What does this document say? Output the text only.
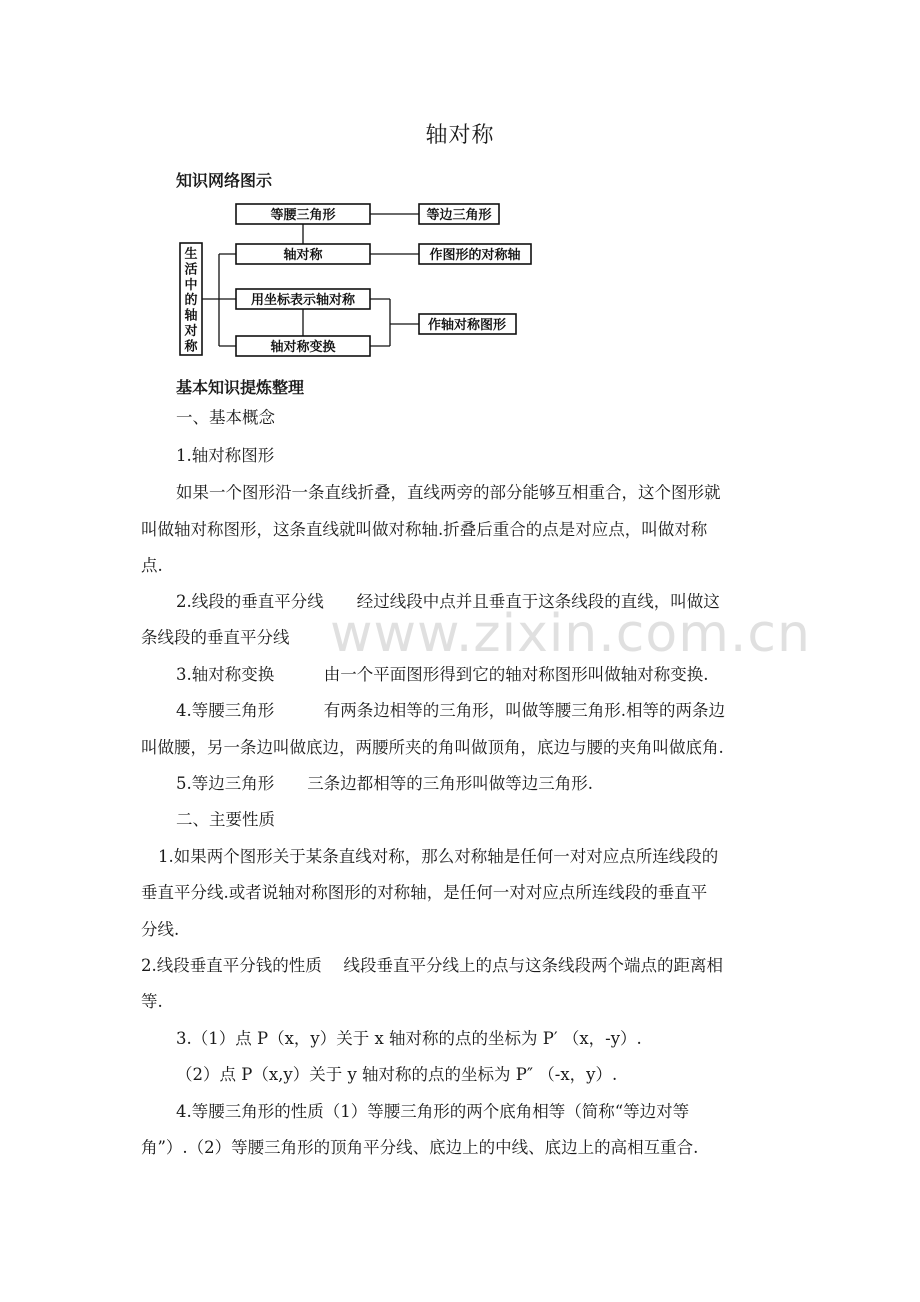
轴对称
知识网络图示
等腰三角形
轴对称
用坐标表示轴对称
轴对称变换
等边三角形
作图形的对称轴
作轴对称图形
生
活
中
的
轴
对
称
基本知识提炼整理
www.zixin.com.cn
一、基本概念
1.轴对称图形
如果一个图形沿一条直线折叠，直线两旁的部分能够互相重合，这个图形就
叫做轴对称图形，这条直线就叫做对称轴.折叠后重合的点是对应点，叫做对称
点.
2.线段的垂直平分线　　经过线段中点并且垂直于这条线段的直线，叫做这
条线段的垂直平分线
3.轴对称变换　　　由一个平面图形得到它的轴对称图形叫做轴对称变换.
4.等腰三角形　　　有两条边相等的三角形，叫做等腰三角形.相等的两条边
叫做腰，另一条边叫做底边，两腰所夹的角叫做顶角，底边与腰的夹角叫做底角.
5.等边三角形　　三条边都相等的三角形叫做等边三角形.
二、主要性质
1.如果两个图形关于某条直线对称，那么对称轴是任何一对对应点所连线段的
垂直平分线.或者说轴对称图形的对称轴，是任何一对对应点所连线段的垂直平
分线.
2.线段垂直平分钱的性质　 线段垂直平分线上的点与这条线段两个端点的距离相
等.
3.（1）点 P（x，y）关于 x 轴对称的点的坐标为 P′ （x，-y）.
（2）点 P（x,y）关于 y 轴对称的点的坐标为 P″ （-x，y）.
4.等腰三角形的性质（1）等腰三角形的两个底角相等（简称“等边对等
角”）.（2）等腰三角形的顶角平分线、底边上的中线、底边上的高相互重合.
